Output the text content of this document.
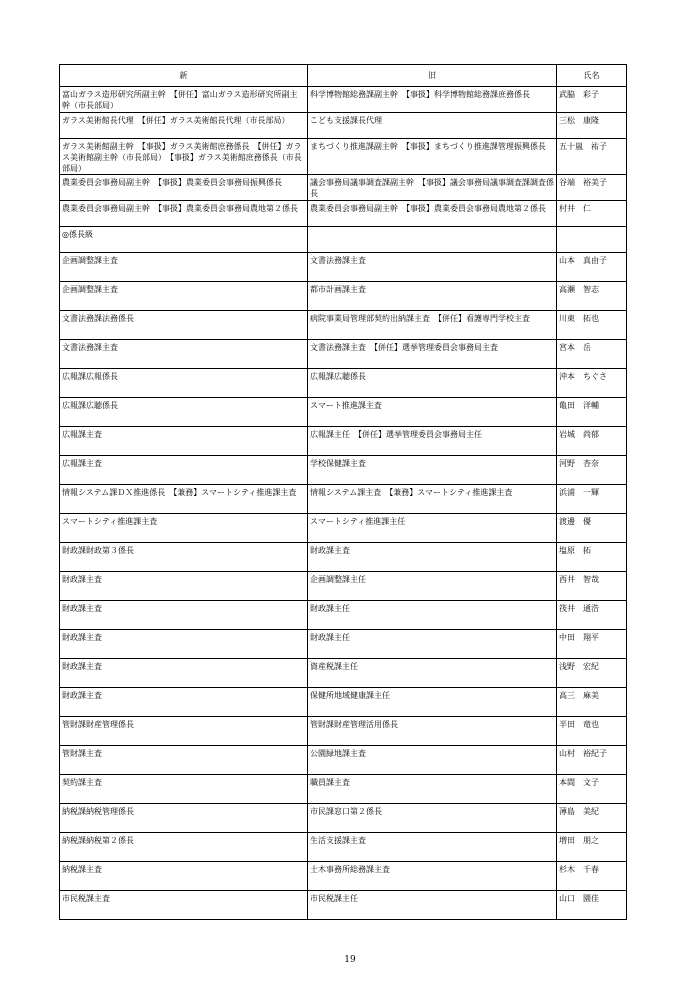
新	旧	氏名
富山ガラス造形研究所副主幹　【併任】富山ガラス造形研究所副主幹（市長部局）	科学博物館総務課副主幹　【事扱】科学博物館総務課庶務係長	武脇　彩子
ガラス美術館長代理　【併任】ガラス美術館長代理（市長部局）	こども支援課長代理	三松　康隆
ガラス美術館副主幹　【事扱】ガラス美術館庶務係長　【併任】ガラス美術館副主幹（市長部局）　【事扱】ガラス美術館庶務係長（市長部局）	まちづくり推進課副主幹　【事扱】まちづくり推進課管理振興係長	五十嵐　祐子
農業委員会事務局副主幹　【事扱】農業委員会事務局振興係長	議会事務局議事調査課副主幹　【事扱】議会事務局議事調査課調査係長	谷端　裕美子
農業委員会事務局副主幹　【事扱】農業委員会事務局農地第２係長	農業委員会事務局副主幹　【事扱】農業委員会事務局農地第２係長	村井　仁
◎係長級		
企画調整課主査	文書法務課主査	山本　真由子
企画調整課主査	都市計画課主査	高瀬　智志
文書法務課法務係長	病院事業局管理部契約出納課主査　【併任】看護専門学校主査	川東　拓也
文書法務課主査	文書法務課主査　【併任】選挙管理委員会事務局主査	宮本　岳
広報課広報係長	広報課広聴係長	沖本　ちぐさ
広報課広聴係長	スマート推進課主査	亀田　洋輔
広報課主査	広報課主任　【併任】選挙管理委員会事務局主任	岩城　尚郁
広報課主査	学校保健課主査	河野　杏奈
情報システム課ＤＸ推進係長　【兼務】スマートシティ推進課主査	情報システム課主査　【兼務】スマートシティ推進課主査	浜浦　一輝
スマートシティ推進課主査	スマートシティ推進課主任	渡邊　優
財政課財政第３係長	財政課主査	塩原　拓
財政課主査	企画調整課主任	西井　智哉
財政課主査	財政課主任	筏井　通浩
財政課主査	財政課主任	中田　翔平
財政課主査	資産税課主任	浅野　宏紀
財政課主査	保健所地域健康課主任	高三　麻美
管財課財産管理係長	管財課財産管理活用係長	半田　竜也
管財課主査	公園緑地課主査	山村　裕紀子
契約課主査	職員課主査	本間　文子
納税課納税管理係長	市民課窓口第２係長	薄島　美紀
納税課納税第２係長	生活支援課主査	増田　朋之
納税課主査	土木事務所総務課主査	杉木　千春
市民税課主査	市民税課主任	山口　園佳
19
